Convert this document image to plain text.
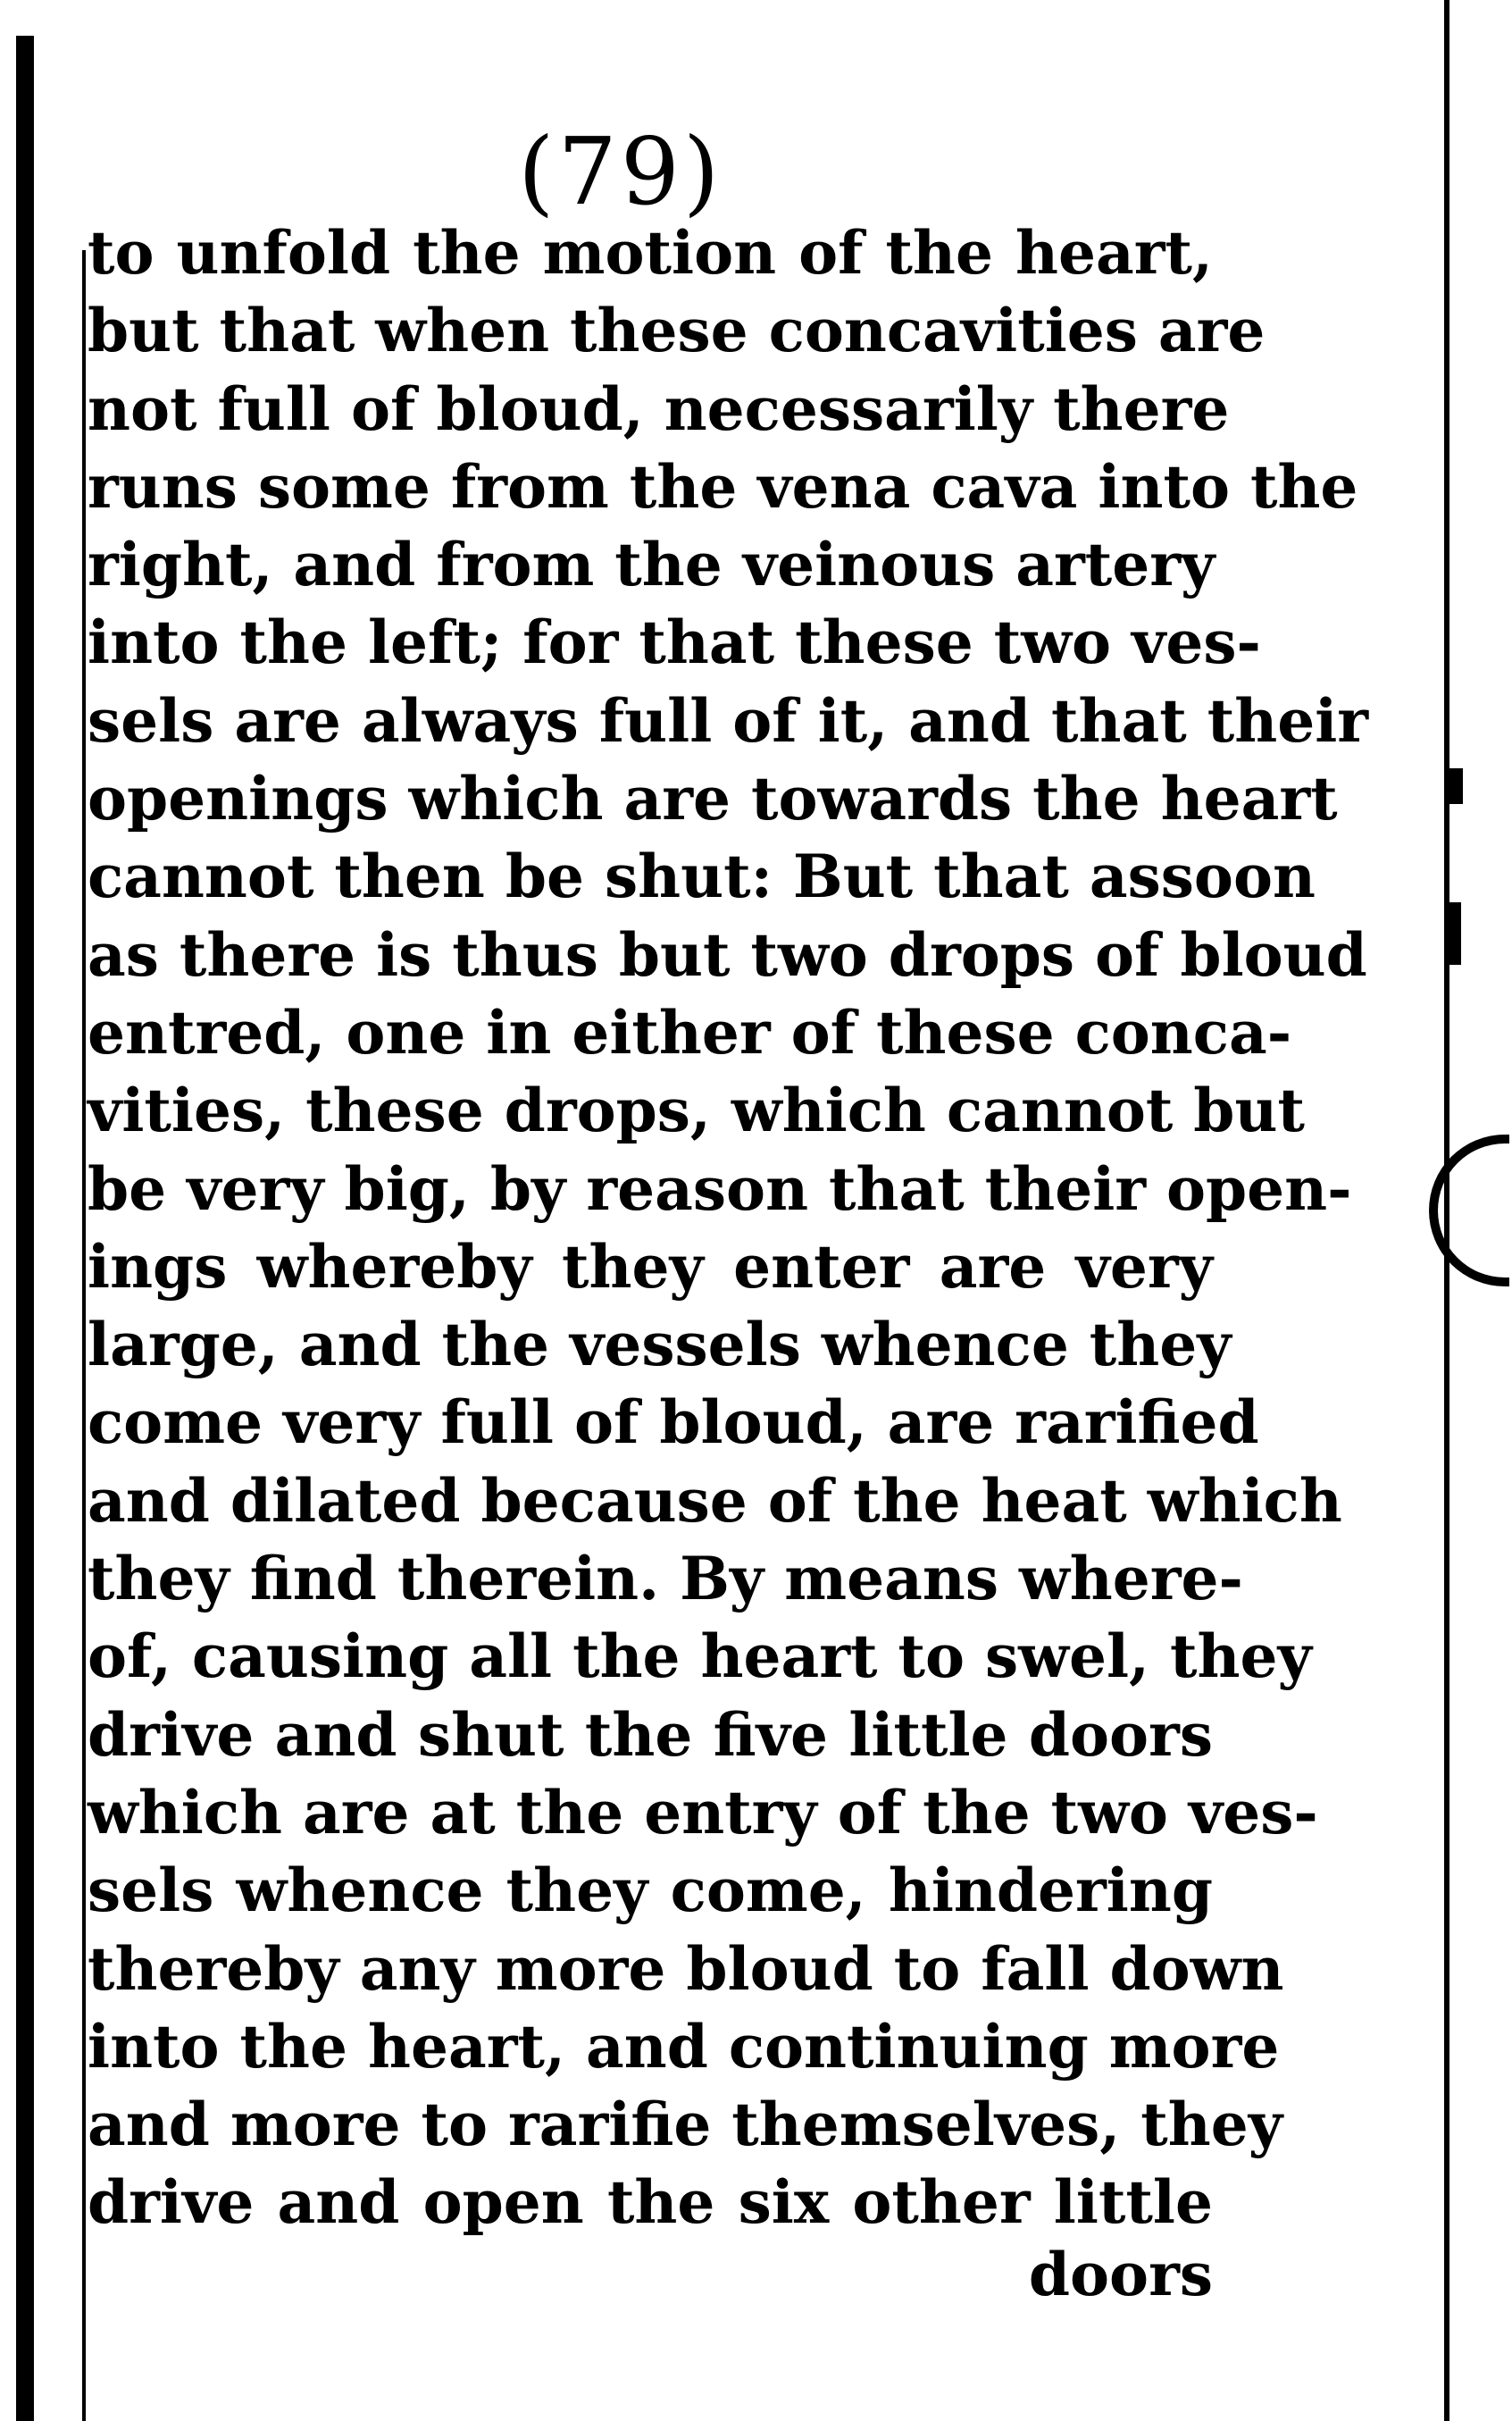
(79)
to unfold the motion of the heart,
but that when these concavities are
not full of bloud, necessarily there
runs some from the vena cava into the
right, and from the veinous artery
into the left; for that these two ves-
sels are always full of it, and that their
openings which are towards the heart
cannot then be shut: But that assoon
as there is thus but two drops of bloud
entred, one in either of these conca-
vities, these drops, which cannot but
be very big, by reason that their open-
ings whereby they enter are very
large, and the vessels whence they
come very full of bloud, are rarified
and dilated because of the heat which
they find therein. By means where-
of, causing all the heart to swel, they
drive and shut the five little doors
which are at the entry of the two ves-
sels whence they come, hindering
thereby any more bloud to fall down
into the heart, and continuing more
and more to rarifie themselves, they
drive and open the six other little
doors
